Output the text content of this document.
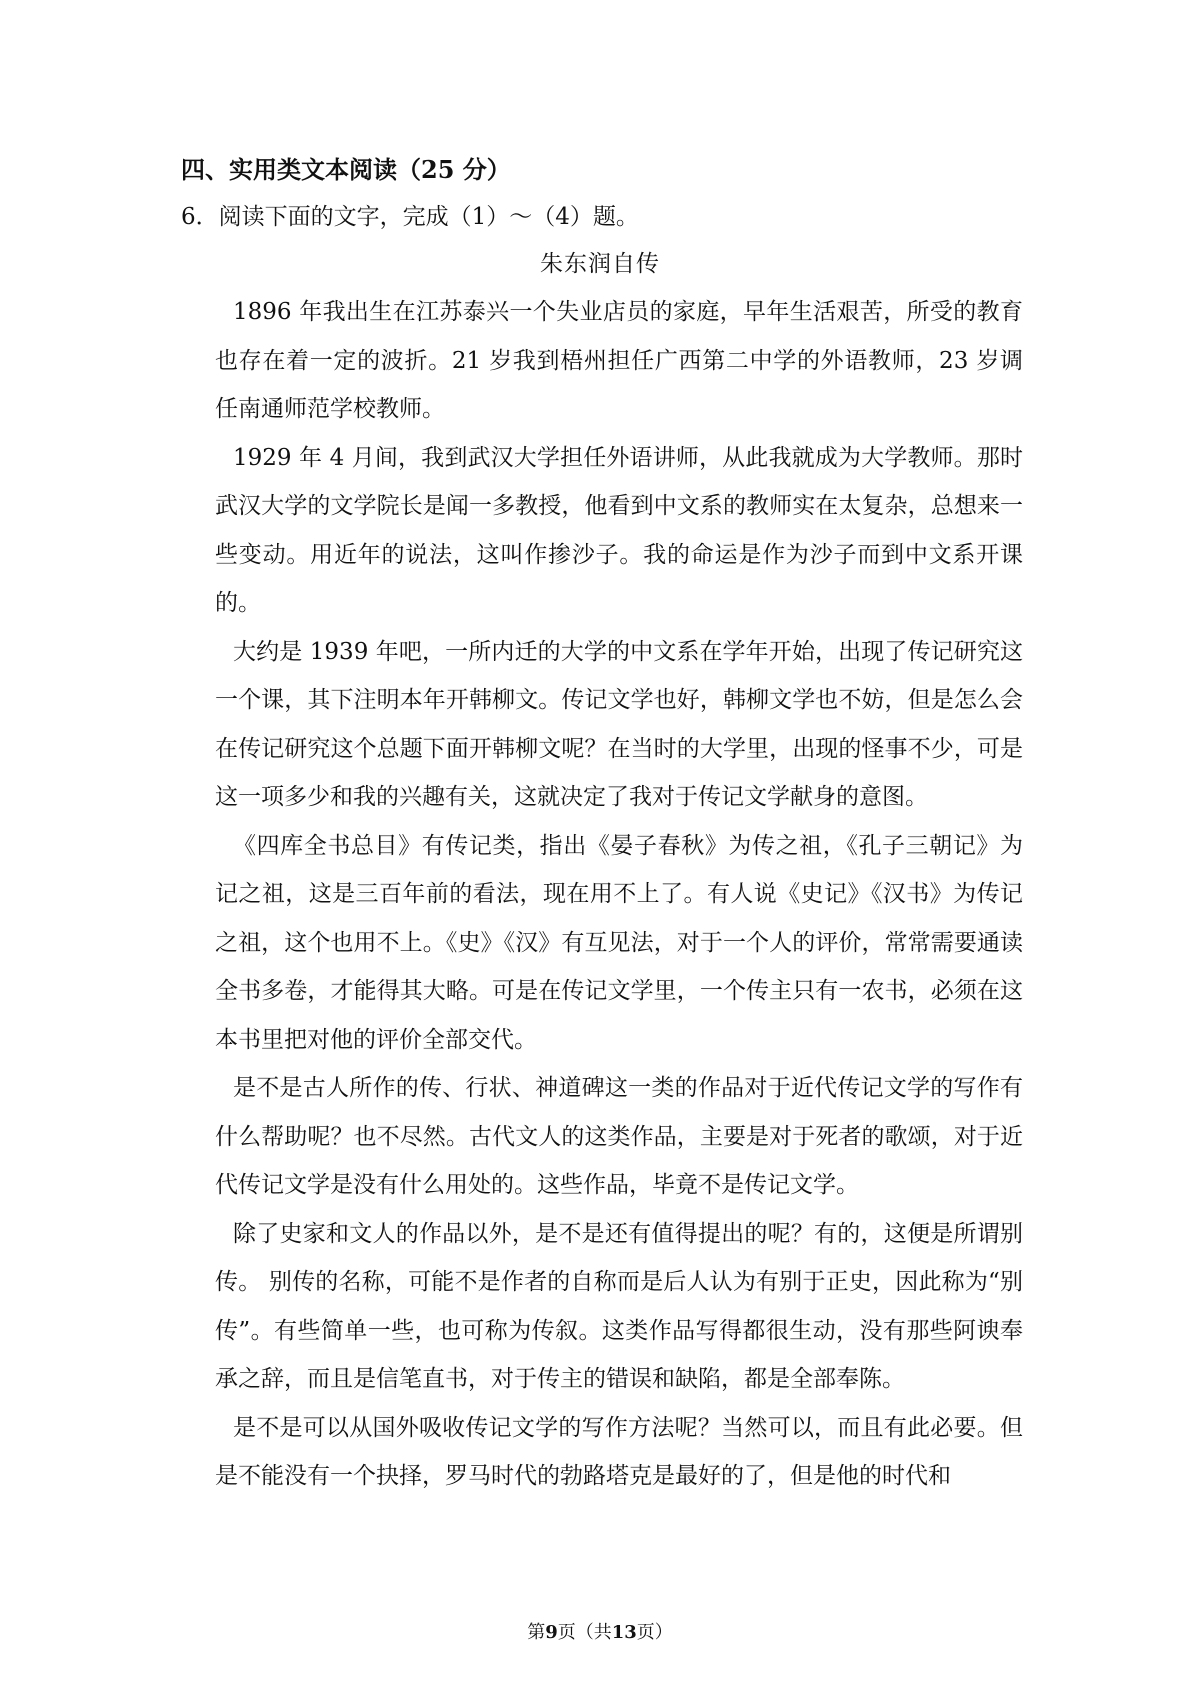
四、实用类文本阅读（25 分）
6．阅读下面的文字，完成（1）～（4）题。
朱东润自传

1896 年我出生在江苏泰兴一个失业店员的家庭，早年生活艰苦，所受的教育也存在着一定的波折。21 岁我到梧州担任广西第二中学的外语教师，23 岁调任南通师范学校教师。

1929 年 4 月间，我到武汉大学担任外语讲师，从此我就成为大学教师。那时武汉大学的文学院长是闻一多教授，他看到中文系的教师实在太复杂，总想来一些变动。用近年的说法，这叫作掺沙子。我的命运是作为沙子而到中文系开课的。

大约是 1939 年吧，一所内迁的大学的中文系在学年开始，出现了传记研究这一个课，其下注明本年开韩柳文。传记文学也好，韩柳文学也不妨，但是怎么会在传记研究这个总题下面开韩柳文呢？在当时的大学里，出现的怪事不少，可是这一项多少和我的兴趣有关，这就决定了我对于传记文学献身的意图。

《四库全书总目》有传记类，指出《晏子春秋》为传之祖，《孔子三朝记》为记之祖，这是三百年前的看法，现在用不上了。有人说《史记》《汉书》为传记之祖，这个也用不上。《史》《汉》有互见法，对于一个人的评价，常常需要通读全书多卷，才能得其大略。可是在传记文学里，一个传主只有一农书，必须在这本书里把对他的评价全部交代。

是不是古人所作的传、行状、神道碑这一类的作品对于近代传记文学的写作有什么帮助呢？也不尽然。古代文人的这类作品，主要是对于死者的歌颂，对于近代传记文学是没有什么用处的。这些作品，毕竟不是传记文学。

除了史家和文人的作品以外，是不是还有值得提出的呢？有的，这便是所谓别传。 别传的名称，可能不是作者的自称而是后人认为有别于正史，因此称为“别传”。有些简单一些，也可称为传叙。这类作品写得都很生动，没有那些阿谀奉承之辞，而且是信笔直书，对于传主的错误和缺陷，都是全部奉陈。

是不是可以从国外吸收传记文学的写作方法呢？当然可以，而且有此必要。但是不能没有一个抉择，罗马时代的勃路塔克是最好的了，但是他的时代和

第9页（共13页）
